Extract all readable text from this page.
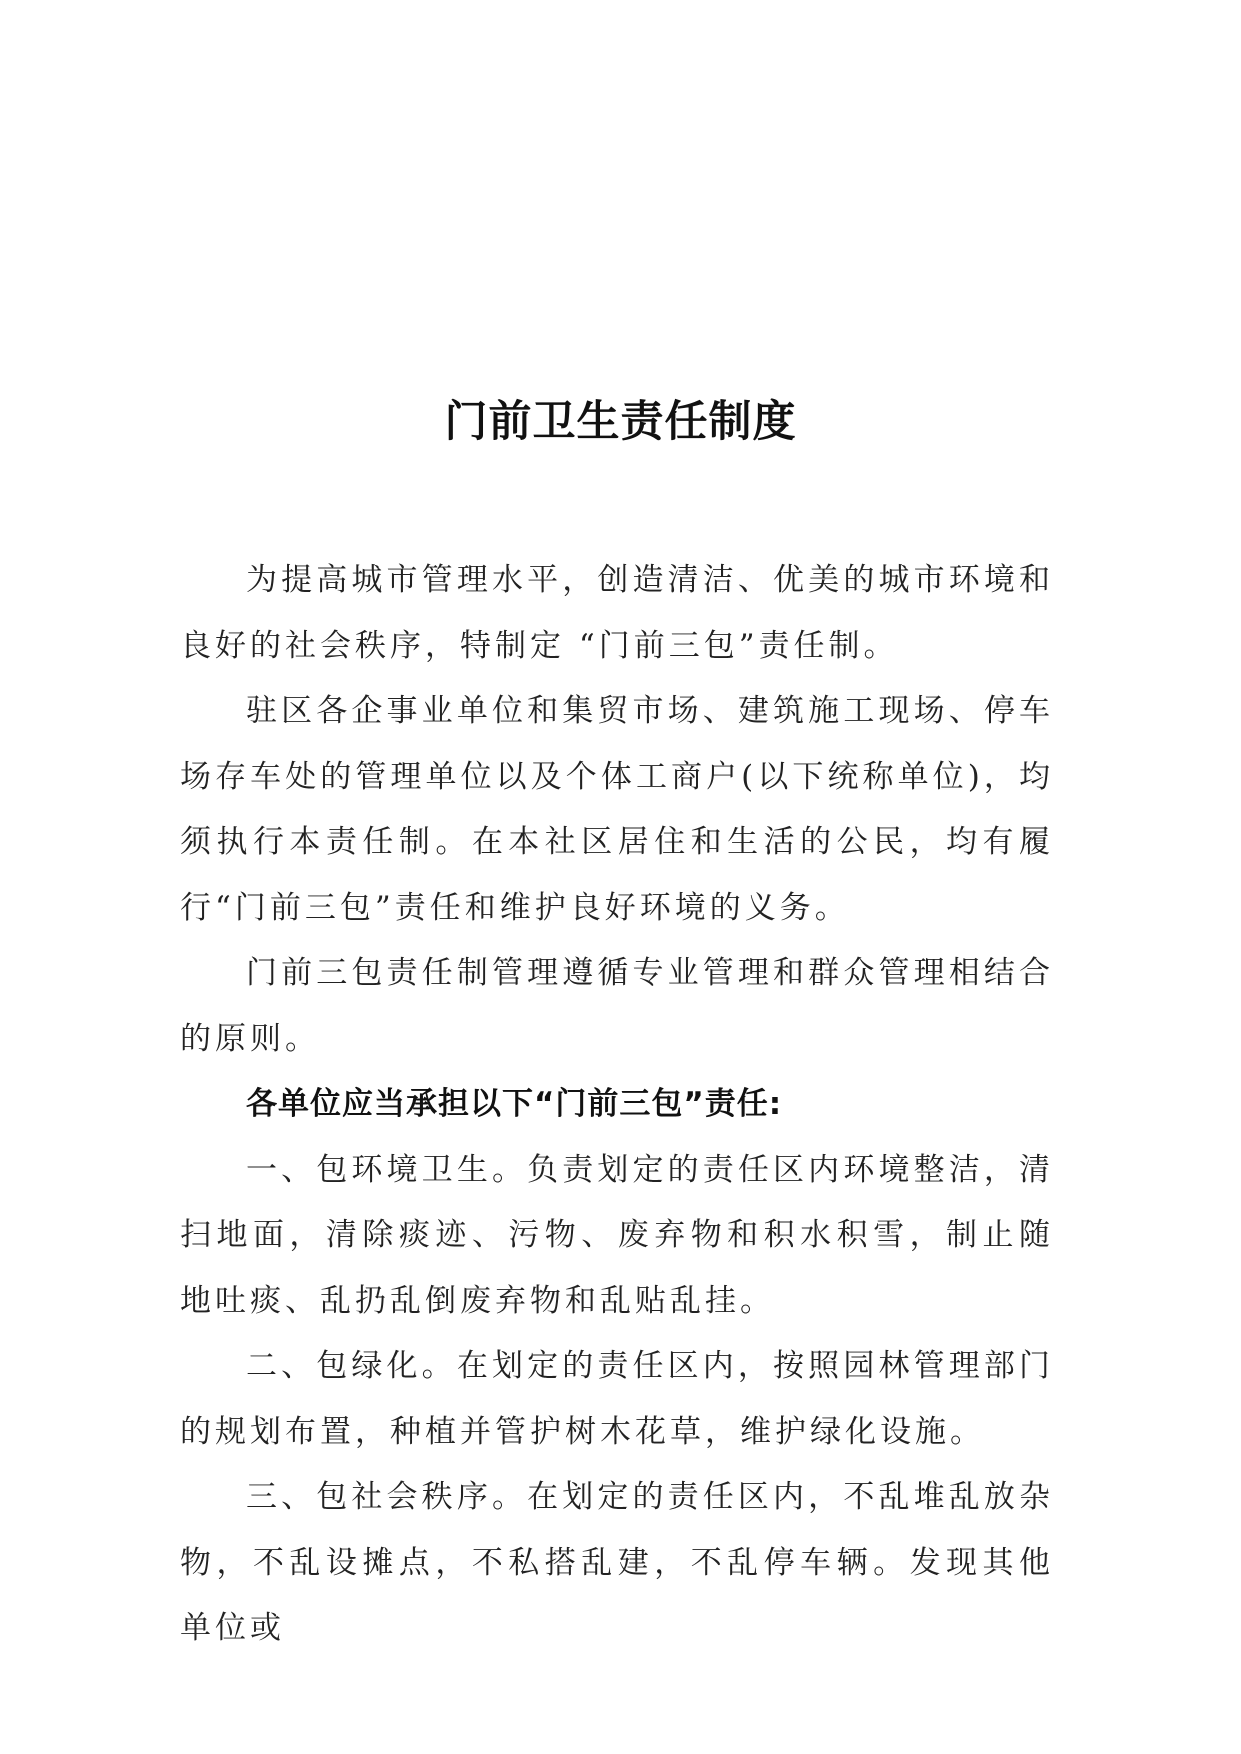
门前卫生责任制度

为提高城市管理水平，创造清洁、优美的城市环境和良好的社会秩序，特制定 “门前三包”责任制。

驻区各企事业单位和集贸市场、建筑施工现场、停车场存车处的管理单位以及个体工商户(以下统称单位)，均须执行本责任制。在本社区居住和生活的公民，均有履行“门前三包”责任和维护良好环境的义务。

门前三包责任制管理遵循专业管理和群众管理相结合的原则。

各单位应当承担以下“门前三包”责任:

一、包环境卫生。负责划定的责任区内环境整洁，清扫地面，清除痰迹、污物、废弃物和积水积雪，制止随地吐痰、乱扔乱倒废弃物和乱贴乱挂。

二、包绿化。在划定的责任区内，按照园林管理部门的规划布置，种植并管护树木花草，维护绿化设施。

三、包社会秩序。在划定的责任区内，不乱堆乱放杂物，不乱设摊点，不私搭乱建，不乱停车辆。发现其他单位或
